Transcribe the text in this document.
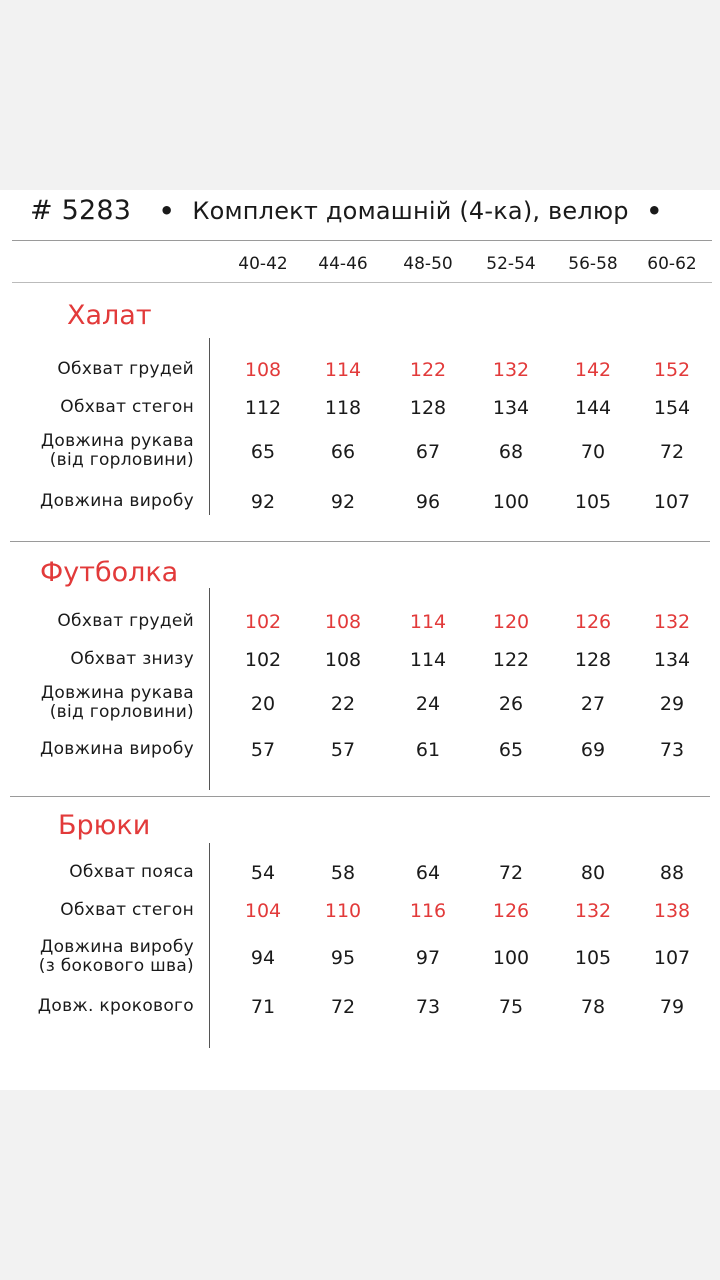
# 5283 • Комплект домашній (4-ка), велюр •
40-42 44-46 48-50 52-54 56-58 60-62
Халат
Обхват грудей	108 114	122 132 142 152
Обхват стегон	112 118	128 134 144 154
Довжина рукава
(від горловини)	65	66	67	68	70	72
Довжина виробу	92	92	96	100 105 107
Футболка
Обхват грудей	102 108	114 120 126 132
Обхват знизу	102 108	114 122 128 134
Довжина рукава
(від горловини)	20	22	24	26	27	29
Довжина виробу	57	57	61	65	69	73
Брюки
Обхват пояса	54	58	64	72	80	88
Обхват стегон	104 110	116 126 132 138
Довжина виробу
(з бокового шва)	94	95	97	100 105 107
Довж. крокового	71	72	73	75	78	79
